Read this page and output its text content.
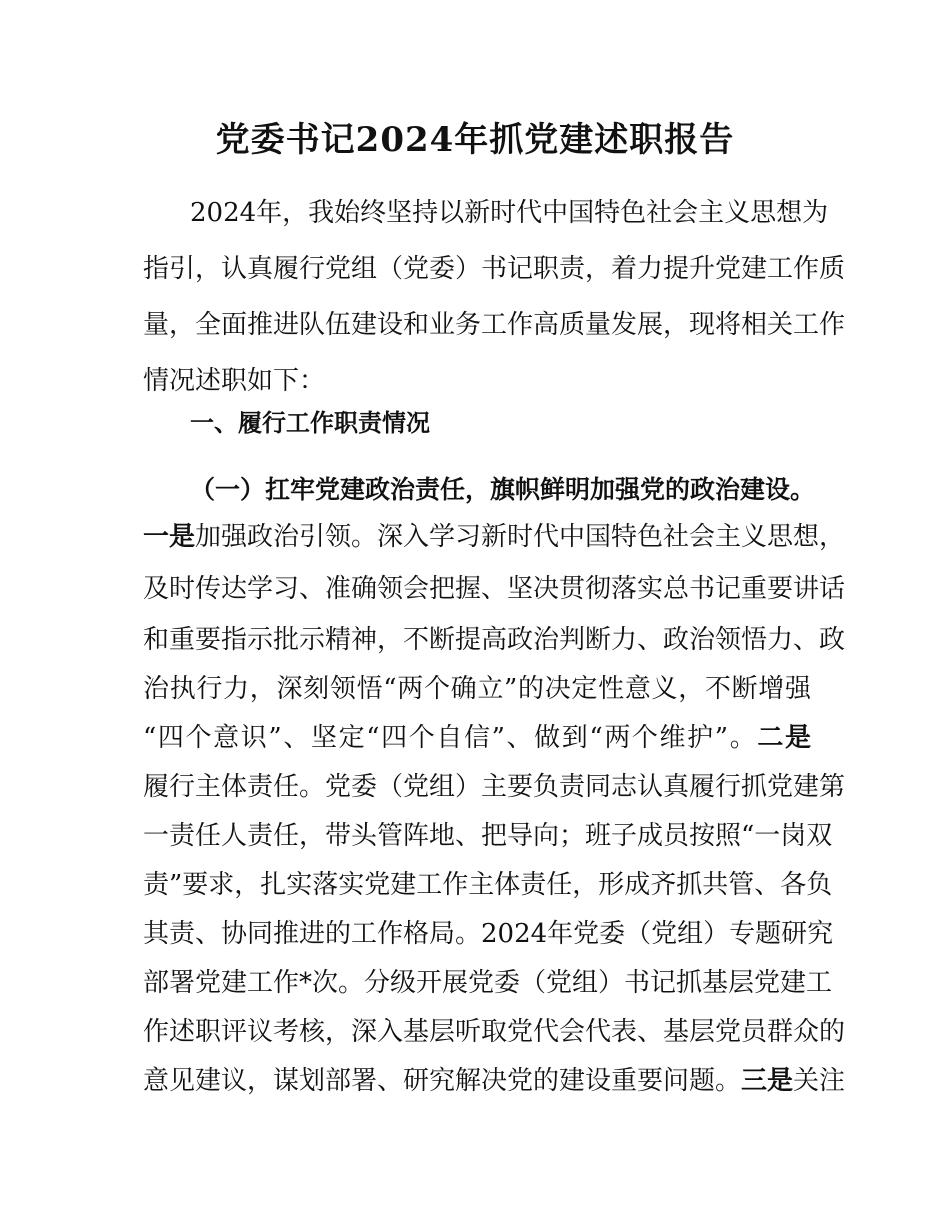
党委书记2024年抓党建述职报告
2024年，我始终坚持以新时代中国特色社会主义思想为
指引，认真履行党组（党委）书记职责，着力提升党建工作质
量，全面推进队伍建设和业务工作高质量发展，现将相关工作
情况述职如下：
一、履行工作职责情况
（一）扛牢党建政治责任，旗帜鲜明加强党的政治建设。
一是加强政治引领。深入学习新时代中国特色社会主义思想，
及时传达学习、准确领会把握、坚决贯彻落实总书记重要讲话
和重要指示批示精神，不断提高政治判断力、政治领悟力、政
治执行力，深刻领悟“两个确立”的决定性意义，不断增强
“四个意识”、坚定“四个自信”、做到“两个维护”。二是
履行主体责任。党委（党组）主要负责同志认真履行抓党建第
一责任人责任，带头管阵地、把导向；班子成员按照“一岗双
责”要求，扎实落实党建工作主体责任，形成齐抓共管、各负
其责、协同推进的工作格局。2024年党委（党组）专题研究
部署党建工作*次。分级开展党委（党组）书记抓基层党建工
作述职评议考核，深入基层听取党代会代表、基层党员群众的
意见建议，谋划部署、研究解决党的建设重要问题。三是关注
